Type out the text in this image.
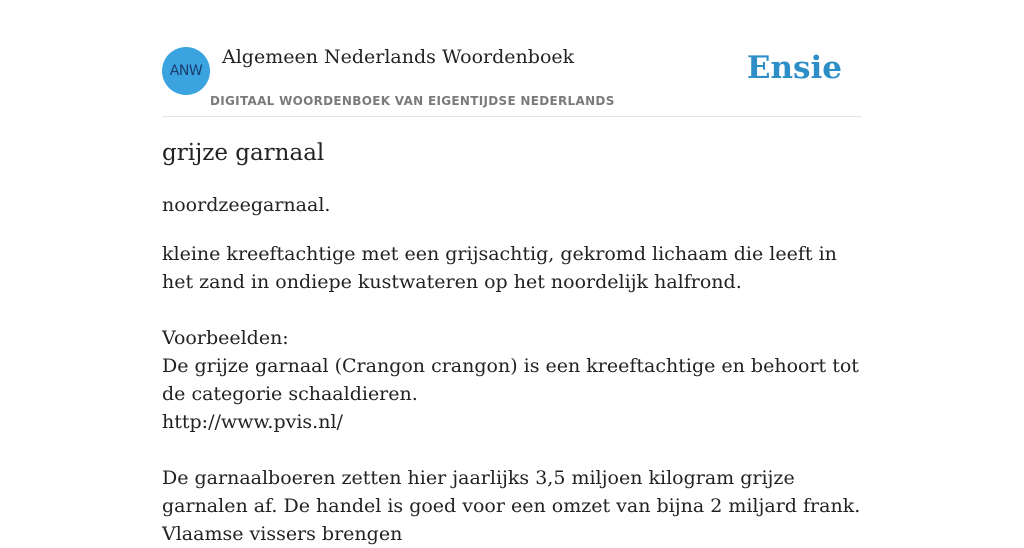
ANW
Algemeen Nederlands Woordenboek
DIGITAAL WOORDENBOEK VAN EIGENTIJDSE NEDERLANDS
Ensie
grijze garnaal

noordzeegarnaal.

kleine kreeftachtige met een grijsachtig, gekromd lichaam die leeft in het zand in ondiepe kustwateren op het noordelijk halfrond.

Voorbeelden:

De grijze garnaal (Crangon crangon) is een kreeftachtige en behoort tot de categorie schaaldieren.

http://www.pvis.nl/

De garnaalboeren zetten hier jaarlijks 3,5 miljoen kilogram grijze garnalen af. De handel is goed voor een omzet van bijna 2 miljard frank. Vlaamse vissers brengen
